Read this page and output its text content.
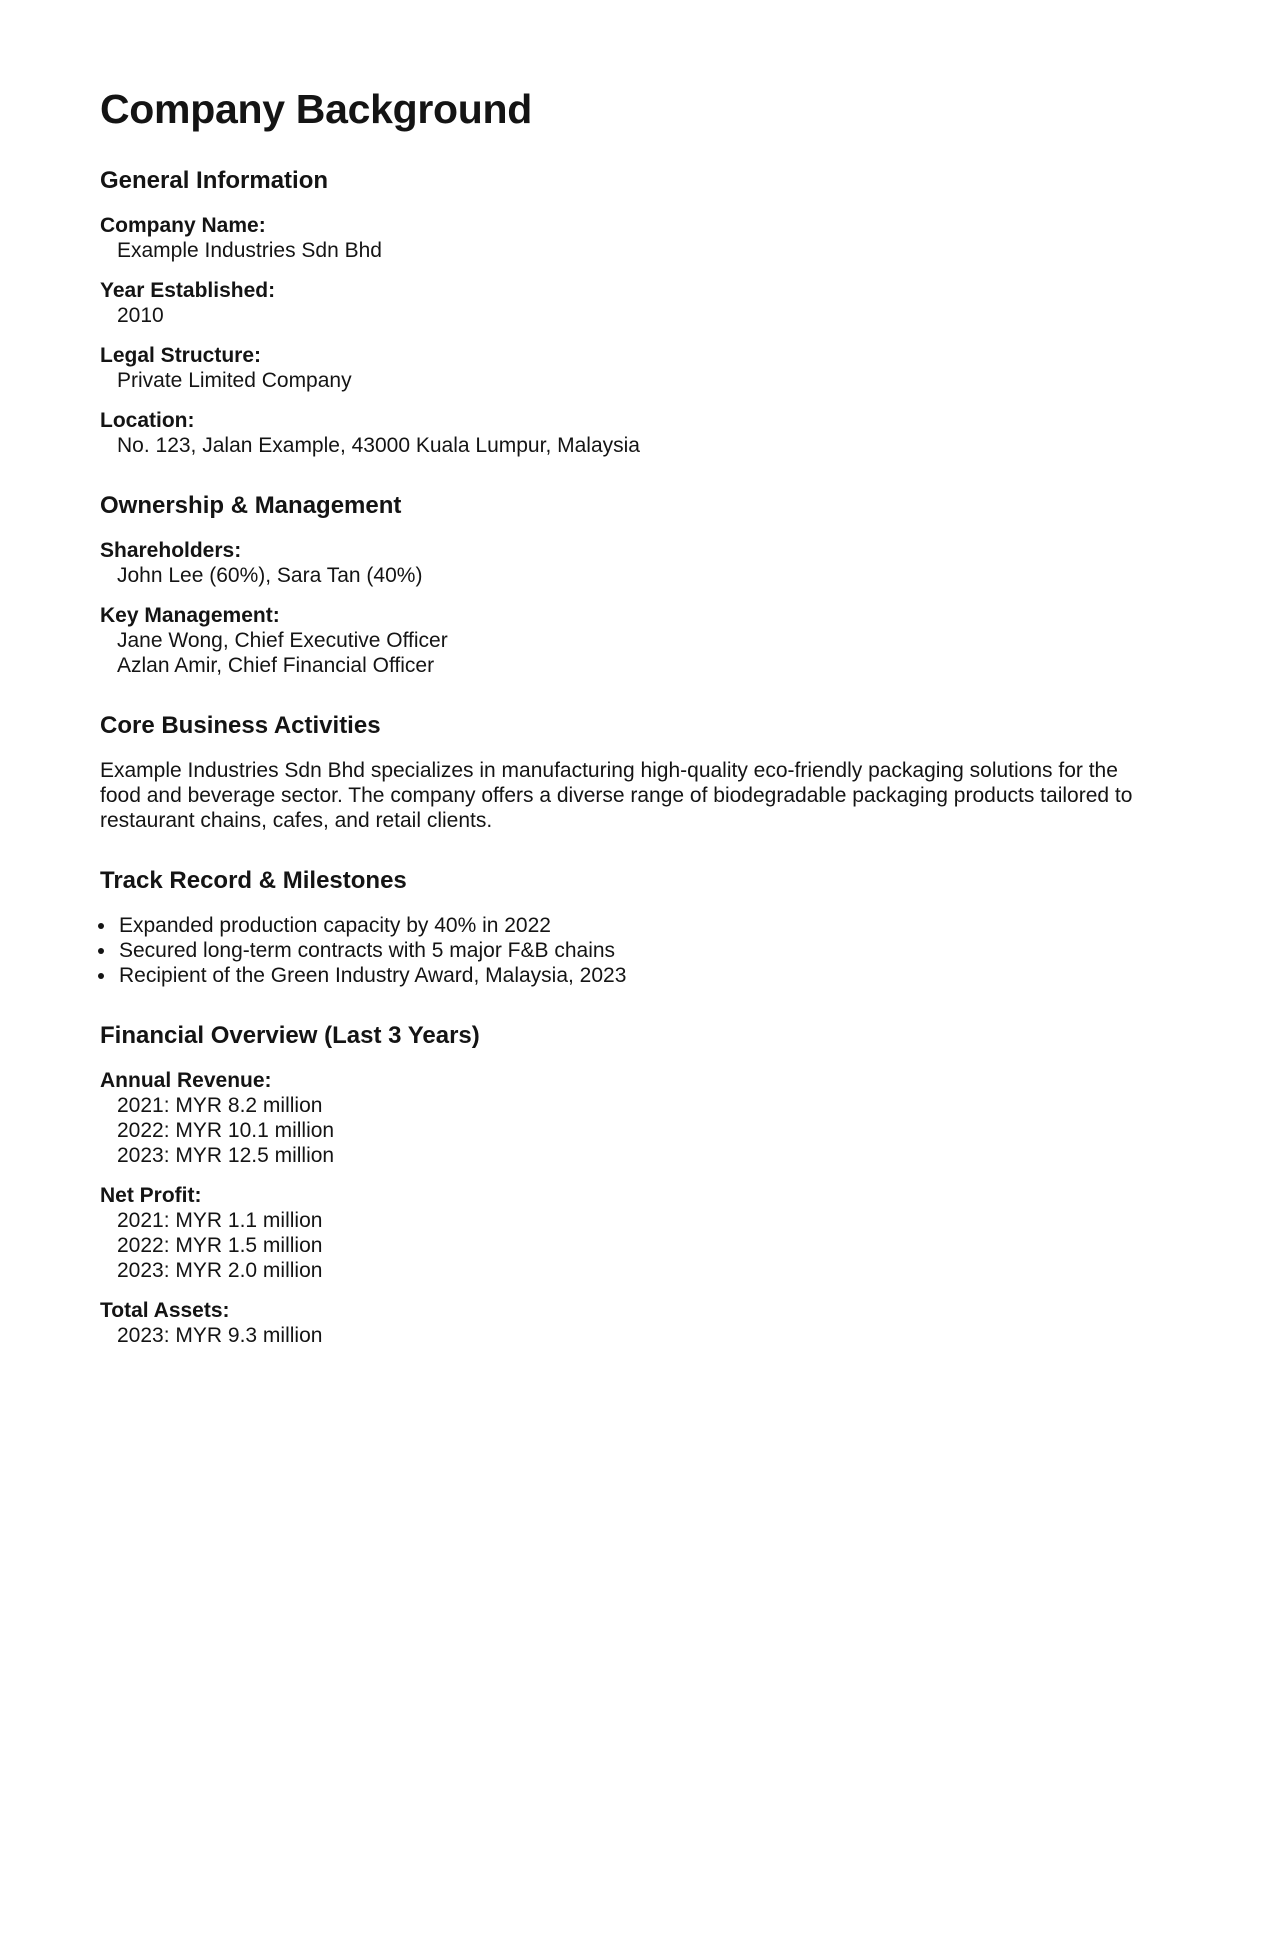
Company Background
General Information

Company Name:
Example Industries Sdn Bhd

Year Established:
2010

Legal Structure:
Private Limited Company

Location:
No. 123, Jalan Example, 43000 Kuala Lumpur, Malaysia

Ownership & Management

Shareholders:
John Lee (60%), Sara Tan (40%)

Key Management:
Jane Wong, Chief Executive Officer
Azlan Amir, Chief Financial Officer

Core Business Activities

Example Industries Sdn Bhd specializes in manufacturing high-quality eco-friendly packaging solutions for the food and beverage sector. The company offers a diverse range of biodegradable packaging products tailored to restaurant chains, cafes, and retail clients.

Track Record & Milestones
• Expanded production capacity by 40% in 2022
• Secured long-term contracts with 5 major F&B chains
• Recipient of the Green Industry Award, Malaysia, 2023
Financial Overview (Last 3 Years)

Annual Revenue:
2021: MYR 8.2 million
2022: MYR 10.1 million
2023: MYR 12.5 million

Net Profit:
2021: MYR 1.1 million
2022: MYR 1.5 million
2023: MYR 2.0 million

Total Assets:
2023: MYR 9.3 million
